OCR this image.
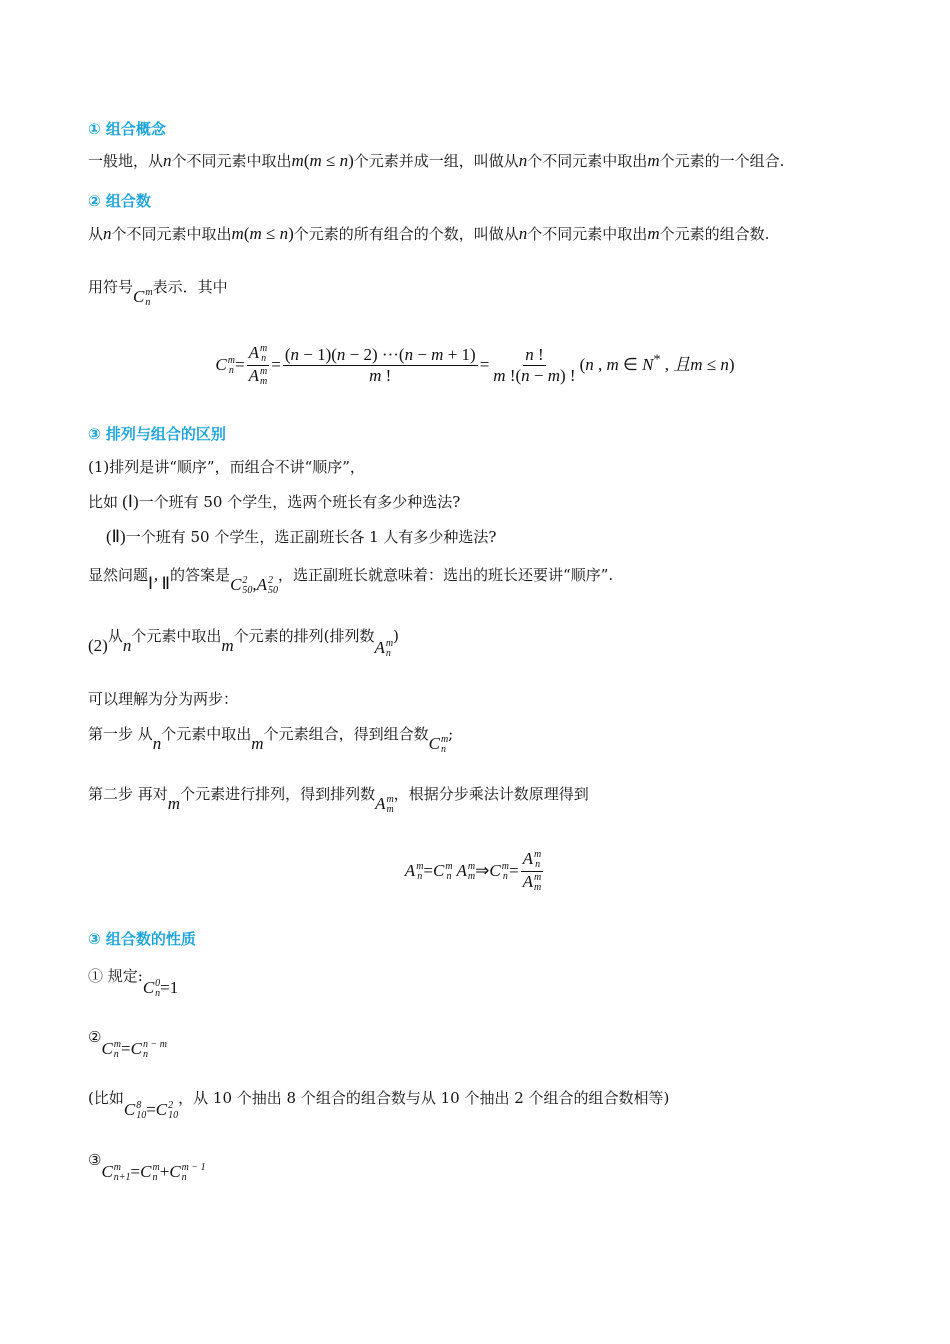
① 组合概念
一般地，从n个不同元素中取出m(m ≤ n)个元素并成一组，叫做从n个不同元素中取出m个元素的一个组合.
② 组合数
从n个不同元素中取出m(m ≤ n)个元素的所有组合的个数，叫做从n个不同元素中取出m个元素的组合数.
用符号C m
n
表示．其中
C m
n = A m
n
A m
$m = \frac{(n - 1)(n - 2) \cdot\cdot\cdot(n - m + 1)}{m !} = \frac{n !}{m !(n - m) !} (n$ , m ∈ N* , 且m ≤ n)
③ 排列与组合的区别
(1)排列是讲“顺序”，而组合不讲“顺序”，
比如 (Ⅰ)一个班有 50 个学生，选两个班长有多少种选法?
(Ⅱ)一个班有 50 个学生，选正副班长各 1 人有多少种选法?
显然问题Ⅰ’ Ⅱ的答案是C 2
50 ,A 2
50
，选正副班长就意味着：选出的班长还要讲“顺序”.
(2)从n个元素中取出m个元素的排列(排列数A m
n
)
可以理解为分为两步：
第一步 从n个元素中取出m个元素组合，得到组合数C m
n
;
第二步 再对m个元素进行排列，得到排列数A m
m
，根据分步乘法计数原理得到
A m
n =C m
n A m
m ⇒C m
n = A m
n
A m
m
③ 组合数的性质
① 规定:C 0
n =1
②C m
n =C n − m
n
(比如C 8
10 =C 2
10
，从 10 个抽出 8 个组合的组合数与从 10 个抽出 2 个组合的组合数相等)
③C m
n+1 =C m
n +C m − 1
n
